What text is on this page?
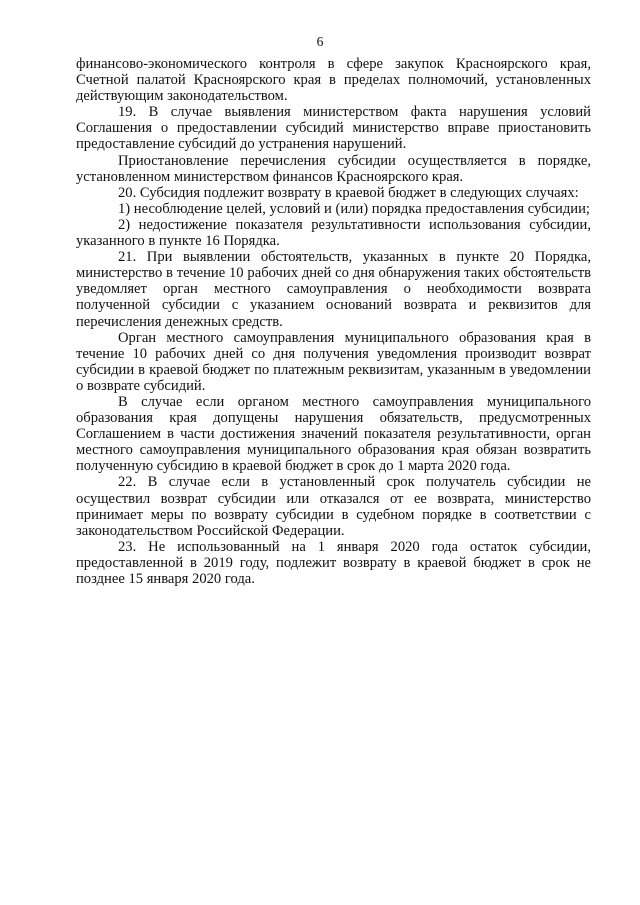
6

финансово-экономического контроля в сфере закупок Красноярского края, Счетной палатой Красноярского края в пределах полномочий, установленных действующим законодательством.

19. В случае выявления министерством факта нарушения условий Соглашения о предоставлении субсидий министерство вправе приостановить предоставление субсидий до устранения нарушений.

Приостановление перечисления субсидии осуществляется в порядке, установленном министерством финансов Красноярского края.

20. Субсидия подлежит возврату в краевой бюджет в следующих случаях:

1) несоблюдение целей, условий и (или) порядка предоставления субсидии;

2) недостижение показателя результативности использования субсидии, указанного в пункте 16 Порядка.

21. При выявлении обстоятельств, указанных в пункте 20 Порядка, министерство в течение 10 рабочих дней со дня обнаружения таких обстоятельств уведомляет орган местного самоуправления о необходимости возврата полученной субсидии с указанием оснований возврата и реквизитов для перечисления денежных средств.

Орган местного самоуправления муниципального образования края в течение 10 рабочих дней со дня получения уведомления производит возврат субсидии в краевой бюджет по платежным реквизитам, указанным в уведомлении о возврате субсидий.

В случае если органом местного самоуправления муниципального образования края допущены нарушения обязательств, предусмотренных Соглашением в части достижения значений показателя результативности, орган местного самоуправления муниципального образования края обязан возвратить полученную субсидию в краевой бюджет в срок до 1 марта 2020 года.

22. В случае если в установленный срок получатель субсидии не осуществил возврат субсидии или отказался от ее возврата, министерство принимает меры по возврату субсидии в судебном порядке в соответствии с законодательством Российской Федерации.

23. Не использованный на 1 января 2020 года остаток субсидии, предоставленной в 2019 году, подлежит возврату в краевой бюджет в срок не позднее 15 января 2020 года.
